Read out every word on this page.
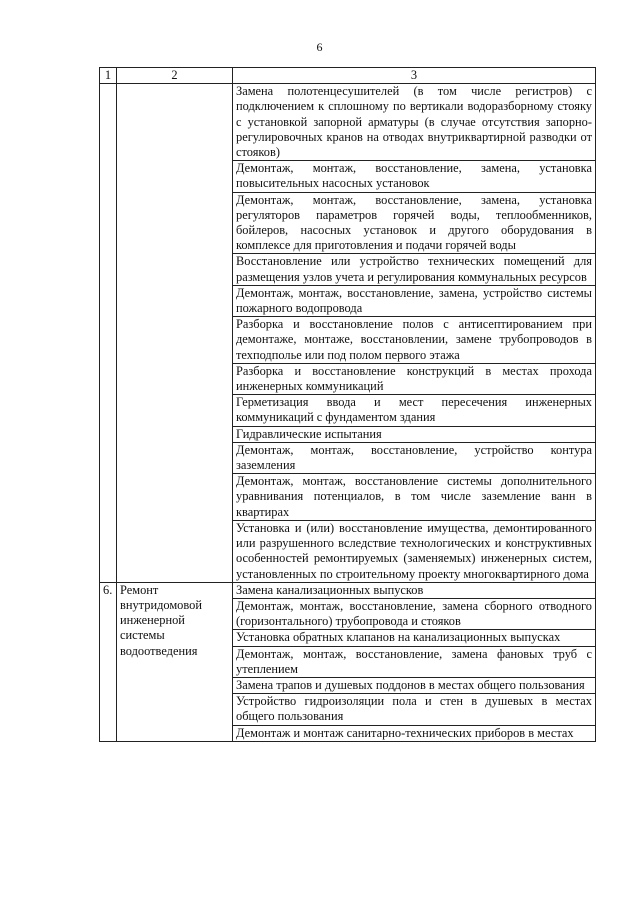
6
1	2	3
		Замена полотенцесушителей (в том числе регистров) с подключением к сплошному по вертикали водоразборному стояку с установкой запорной арматуры (в случае отсутствия запорно-регулировочных кранов на отводах внутриквартирной разводки от стояков)
		Демонтаж, монтаж, восстановление, замена, установка повысительных насосных установок
		Демонтаж, монтаж, восстановление, замена, установка регуляторов параметров горячей воды, теплообменников, бойлеров, насосных установок и другого оборудования в комплексе для приготовления и подачи горячей воды
		Восстановление или устройство технических помещений для размещения узлов учета и регулирования коммунальных ресурсов
		Демонтаж, монтаж, восстановление, замена, устройство системы пожарного водопровода
		Разборка и восстановление полов с антисептированием при демонтаже, монтаже, восстановлении, замене трубопроводов в техподполье или под полом первого этажа
		Разборка и восстановление конструкций в местах прохода инженерных коммуникаций
		Герметизация ввода и мест пересечения инженерных коммуникаций с фундаментом здания
		Гидравлические испытания
		Демонтаж, монтаж, восстановление, устройство контура заземления
		Демонтаж, монтаж, восстановление системы дополнительного уравнивания потенциалов, в том числе заземление ванн в квартирах
		Установка и (или) восстановление имущества, демонтированного или разрушенного вследствие технологических и конструктивных особенностей ремонтируемых (заменяемых) инженерных систем, установленных по строительному проекту многоквартирного дома
6.	Ремонт внутридомовой инженерной системы водоотведения	Замена канализационных выпусков
		Демонтаж, монтаж, восстановление, замена сборного отводного (горизонтального) трубопровода и стояков
		Установка обратных клапанов на канализационных выпусках
		Демонтаж, монтаж, восстановление, замена фановых труб с утеплением
		Замена трапов и душевых поддонов в местах общего пользования
		Устройство гидроизоляции пола и стен в душевых в местах общего пользования
		Демонтаж и монтаж санитарно-технических приборов в местах
